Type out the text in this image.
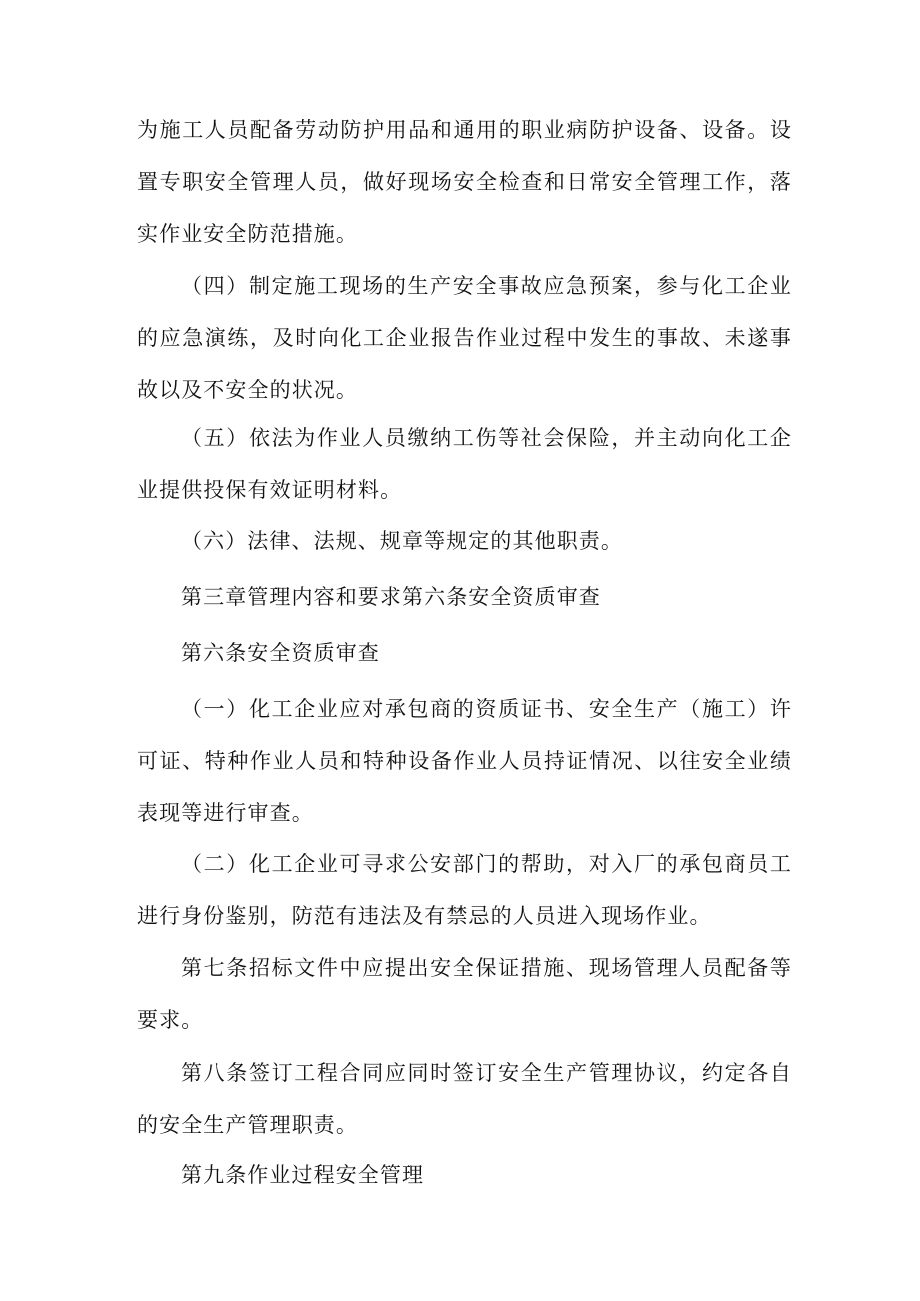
为施工人员配备劳动防护用品和通用的职业病防护设备、设备。设置专职安全管理人员，做好现场安全检查和日常安全管理工作，落实作业安全防范措施。

（四）制定施工现场的生产安全事故应急预案，参与化工企业的应急演练，及时向化工企业报告作业过程中发生的事故、未遂事故以及不安全的状况。

（五）依法为作业人员缴纳工伤等社会保险，并主动向化工企业提供投保有效证明材料。

（六）法律、法规、规章等规定的其他职责。

第三章管理内容和要求第六条安全资质审查

第六条安全资质审查

（一）化工企业应对承包商的资质证书、安全生产（施工）许可证、特种作业人员和特种设备作业人员持证情况、以往安全业绩表现等进行审查。

（二）化工企业可寻求公安部门的帮助，对入厂的承包商员工进行身份鉴别，防范有违法及有禁忌的人员进入现场作业。

第七条招标文件中应提出安全保证措施、现场管理人员配备等要求。

第八条签订工程合同应同时签订安全生产管理协议，约定各自的安全生产管理职责。

第九条作业过程安全管理
